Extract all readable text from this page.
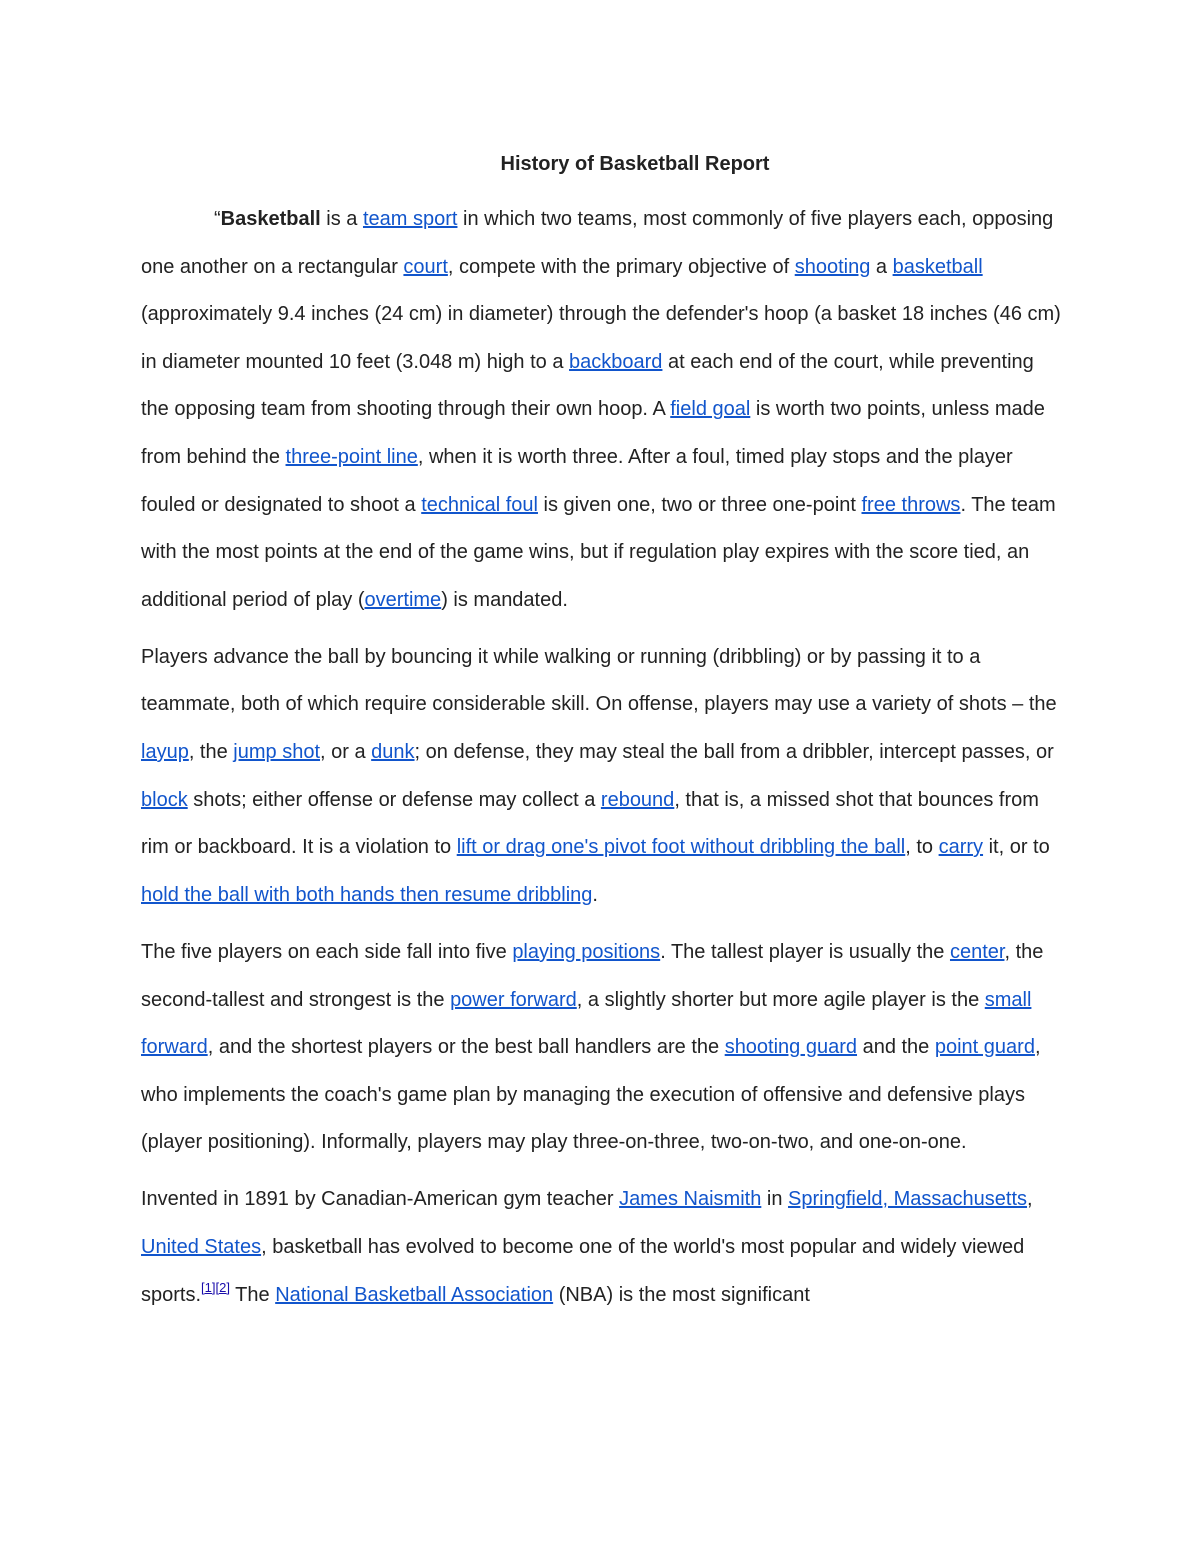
History of Basketball Report

“Basketball is a team sport in which two teams, most commonly of five players each, opposing one another on a rectangular court, compete with the primary objective of shooting a basketball (approximately 9.4 inches (24 cm) in diameter) through the defender's hoop (a basket 18 inches (46 cm) in diameter mounted 10 feet (3.048 m) high to a backboard at each end of the court, while preventing the opposing team from shooting through their own hoop. A field goal is worth two points, unless made from behind the three-point line, when it is worth three. After a foul, timed play stops and the player fouled or designated to shoot a technical foul is given one, two or three one-point free throws. The team with the most points at the end of the game wins, but if regulation play expires with the score tied, an additional period of play (overtime) is mandated.

Players advance the ball by bouncing it while walking or running (dribbling) or by passing it to a teammate, both of which require considerable skill. On offense, players may use a variety of shots – the layup, the jump shot, or a dunk; on defense, they may steal the ball from a dribbler, intercept passes, or block shots; either offense or defense may collect a rebound, that is, a missed shot that bounces from rim or backboard. It is a violation to lift or drag one's pivot foot without dribbling the ball, to carry it, or to hold the ball with both hands then resume dribbling.

The five players on each side fall into five playing positions. The tallest player is usually the center, the second-tallest and strongest is the power forward, a slightly shorter but more agile player is the small forward, and the shortest players or the best ball handlers are the shooting guard and the point guard, who implements the coach's game plan by managing the execution of offensive and defensive plays (player positioning). Informally, players may play three-on-three, two-on-two, and one-on-one.

Invented in 1891 by Canadian-American gym teacher James Naismith in Springfield, Massachusetts, United States, basketball has evolved to become one of the world's most popular and widely viewed sports.[1][2] The National Basketball Association (NBA) is the most significant
